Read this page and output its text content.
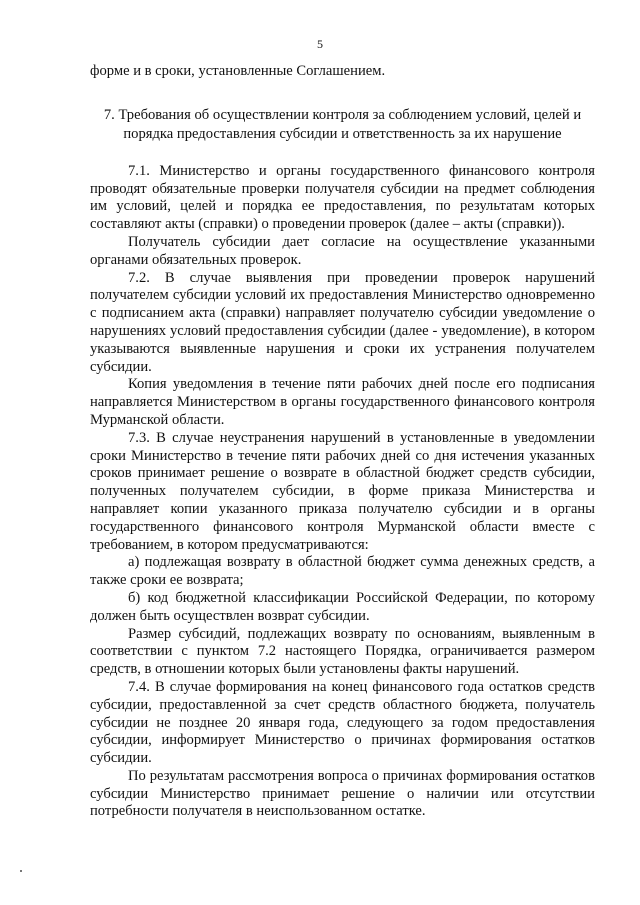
5

форме и в сроки, установленные Соглашением.

7. Требования об осуществлении контроля за соблюдением условий, целей и порядка предоставления субсидии и ответственность за их нарушение

7.1. Министерство и органы государственного финансового контроля проводят обязательные проверки получателя субсидии на предмет соблюдения им условий, целей и порядка ее предоставления, по результатам которых составляют акты (справки) о проведении проверок (далее – акты (справки)).

Получатель субсидии дает согласие на осуществление указанными органами обязательных проверок.

7.2. В случае выявления при проведении проверок нарушений получателем субсидии условий их предоставления Министерство одновременно с подписанием акта (справки) направляет получателю субсидии уведомление о нарушениях условий предоставления субсидии (далее - уведомление), в котором указываются выявленные нарушения и сроки их устранения получателем субсидии.

Копия уведомления в течение пяти рабочих дней после его подписания направляется Министерством в органы государственного финансового контроля Мурманской области.

7.3. В случае неустранения нарушений в установленные в уведомлении сроки Министерство в течение пяти рабочих дней со дня истечения указанных сроков принимает решение о возврате в областной бюджет средств субсидии, полученных получателем субсидии, в форме приказа Министерства и направляет копии указанного приказа получателю субсидии и в органы государственного финансового контроля Мурманской области вместе с требованием, в котором предусматриваются:

а) подлежащая возврату в областной бюджет сумма денежных средств, а также сроки ее возврата;

б) код бюджетной классификации Российской Федерации, по которому должен быть осуществлен возврат субсидии.

Размер субсидий, подлежащих возврату по основаниям, выявленным в соответствии с пунктом 7.2 настоящего Порядка, ограничивается размером средств, в отношении которых были установлены факты нарушений.

7.4. В случае формирования на конец финансового года остатков средств субсидии, предоставленной за счет средств областного бюджета, получатель субсидии не позднее 20 января года, следующего за годом предоставления субсидии, информирует Министерство о причинах формирования остатков субсидии.

По результатам рассмотрения вопроса о причинах формирования остатков субсидии Министерство принимает решение о наличии или отсутствии потребности получателя в неиспользованном остатке.
